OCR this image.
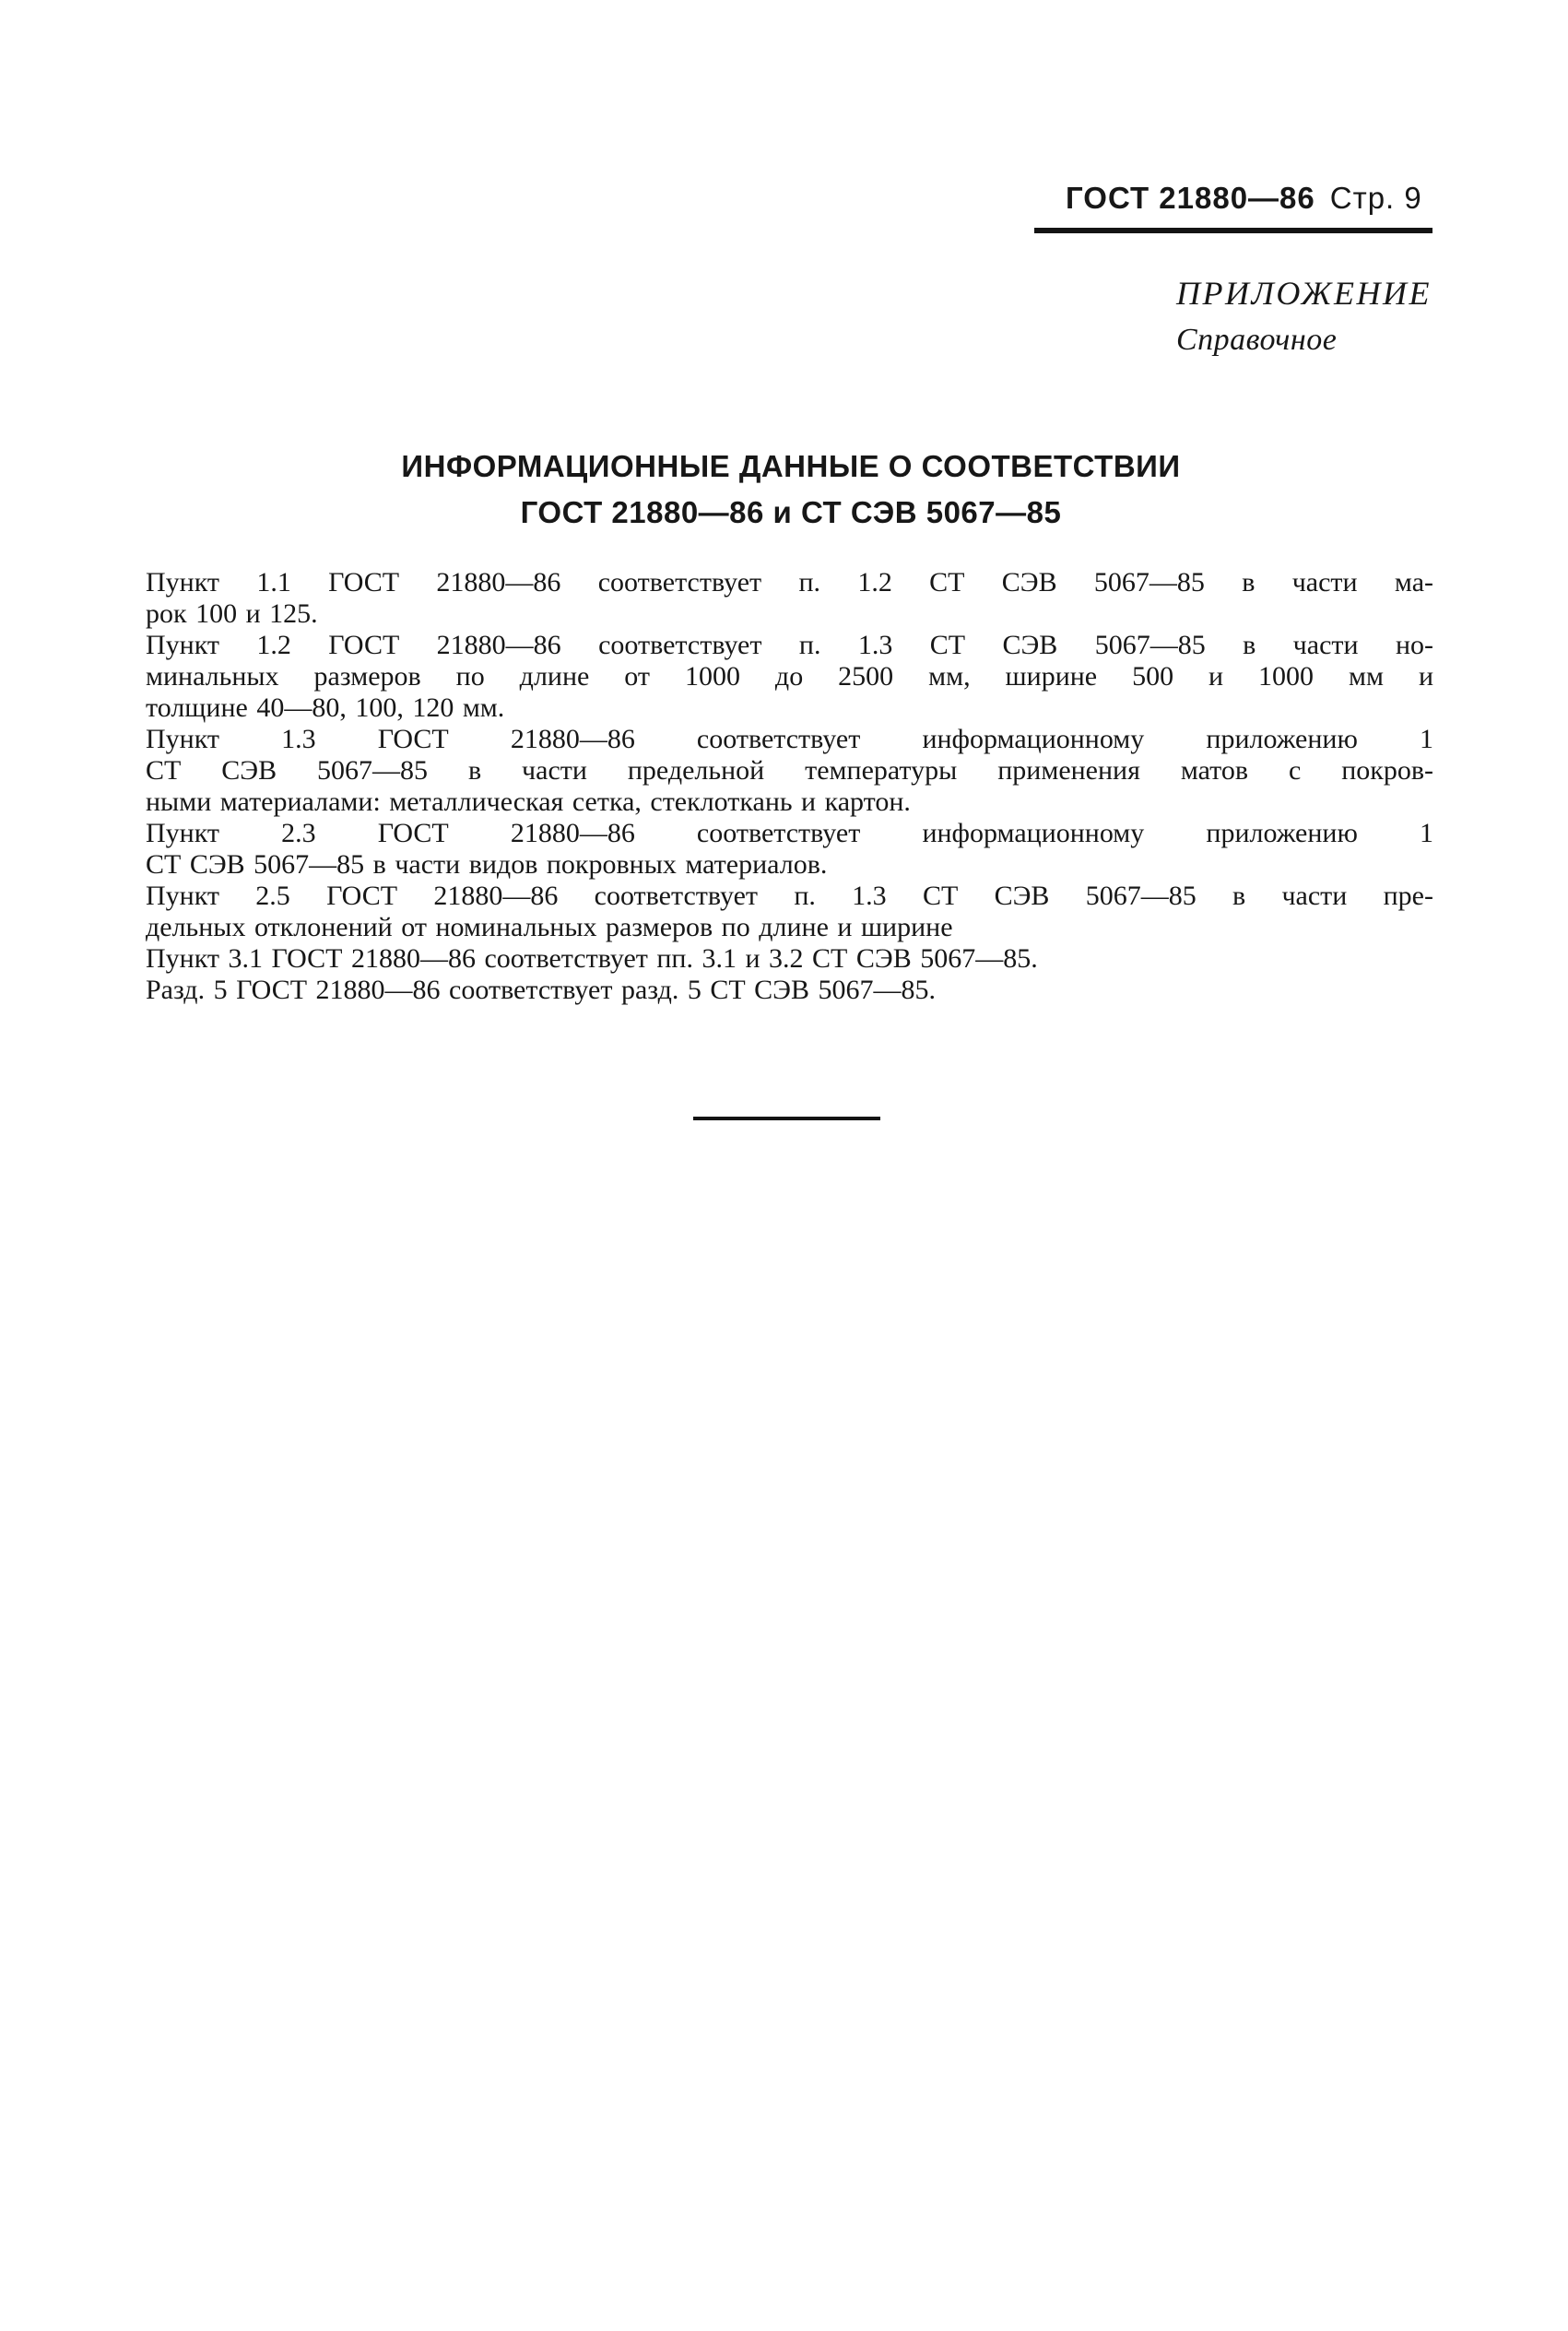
ГОСТ 21880—86 Стр. 9
ПРИЛОЖЕНИЕ
Справочное
ИНФОРМАЦИОННЫЕ ДАННЫЕ О СООТВЕТСТВИИ
ГОСТ 21880—86 и СТ СЭВ 5067—85
Пункт 1.1 ГОСТ 21880—86 соответствует п. 1.2 СТ СЭВ 5067—85 в части ма-
рок 100 и 125.
Пункт 1.2 ГОСТ 21880—86 соответствует п. 1.3 СТ СЭВ 5067—85 в части но-
минальных размеров по длине от 1000 до 2500 мм, ширине 500 и 1000 мм и
толщине 40—80, 100, 120 мм.
Пункт 1.3 ГОСТ 21880—86 соответствует информационному приложению 1
СТ СЭВ 5067—85 в части предельной температуры применения матов с покров-
ными материалами: металлическая сетка, стеклоткань и картон.
Пункт 2.3 ГОСТ 21880—86 соответствует информационному приложению 1
СТ СЭВ 5067—85 в части видов покровных материалов.
Пункт 2.5 ГОСТ 21880—86 соответствует п. 1.3 СТ СЭВ 5067—85 в части пре-
дельных отклонений от номинальных размеров по длине и ширине
Пункт 3.1 ГОСТ 21880—86 соответствует пп. 3.1 и 3.2 СТ СЭВ 5067—85.
Разд. 5 ГОСТ 21880—86 соответствует разд. 5 СТ СЭВ 5067—85.
